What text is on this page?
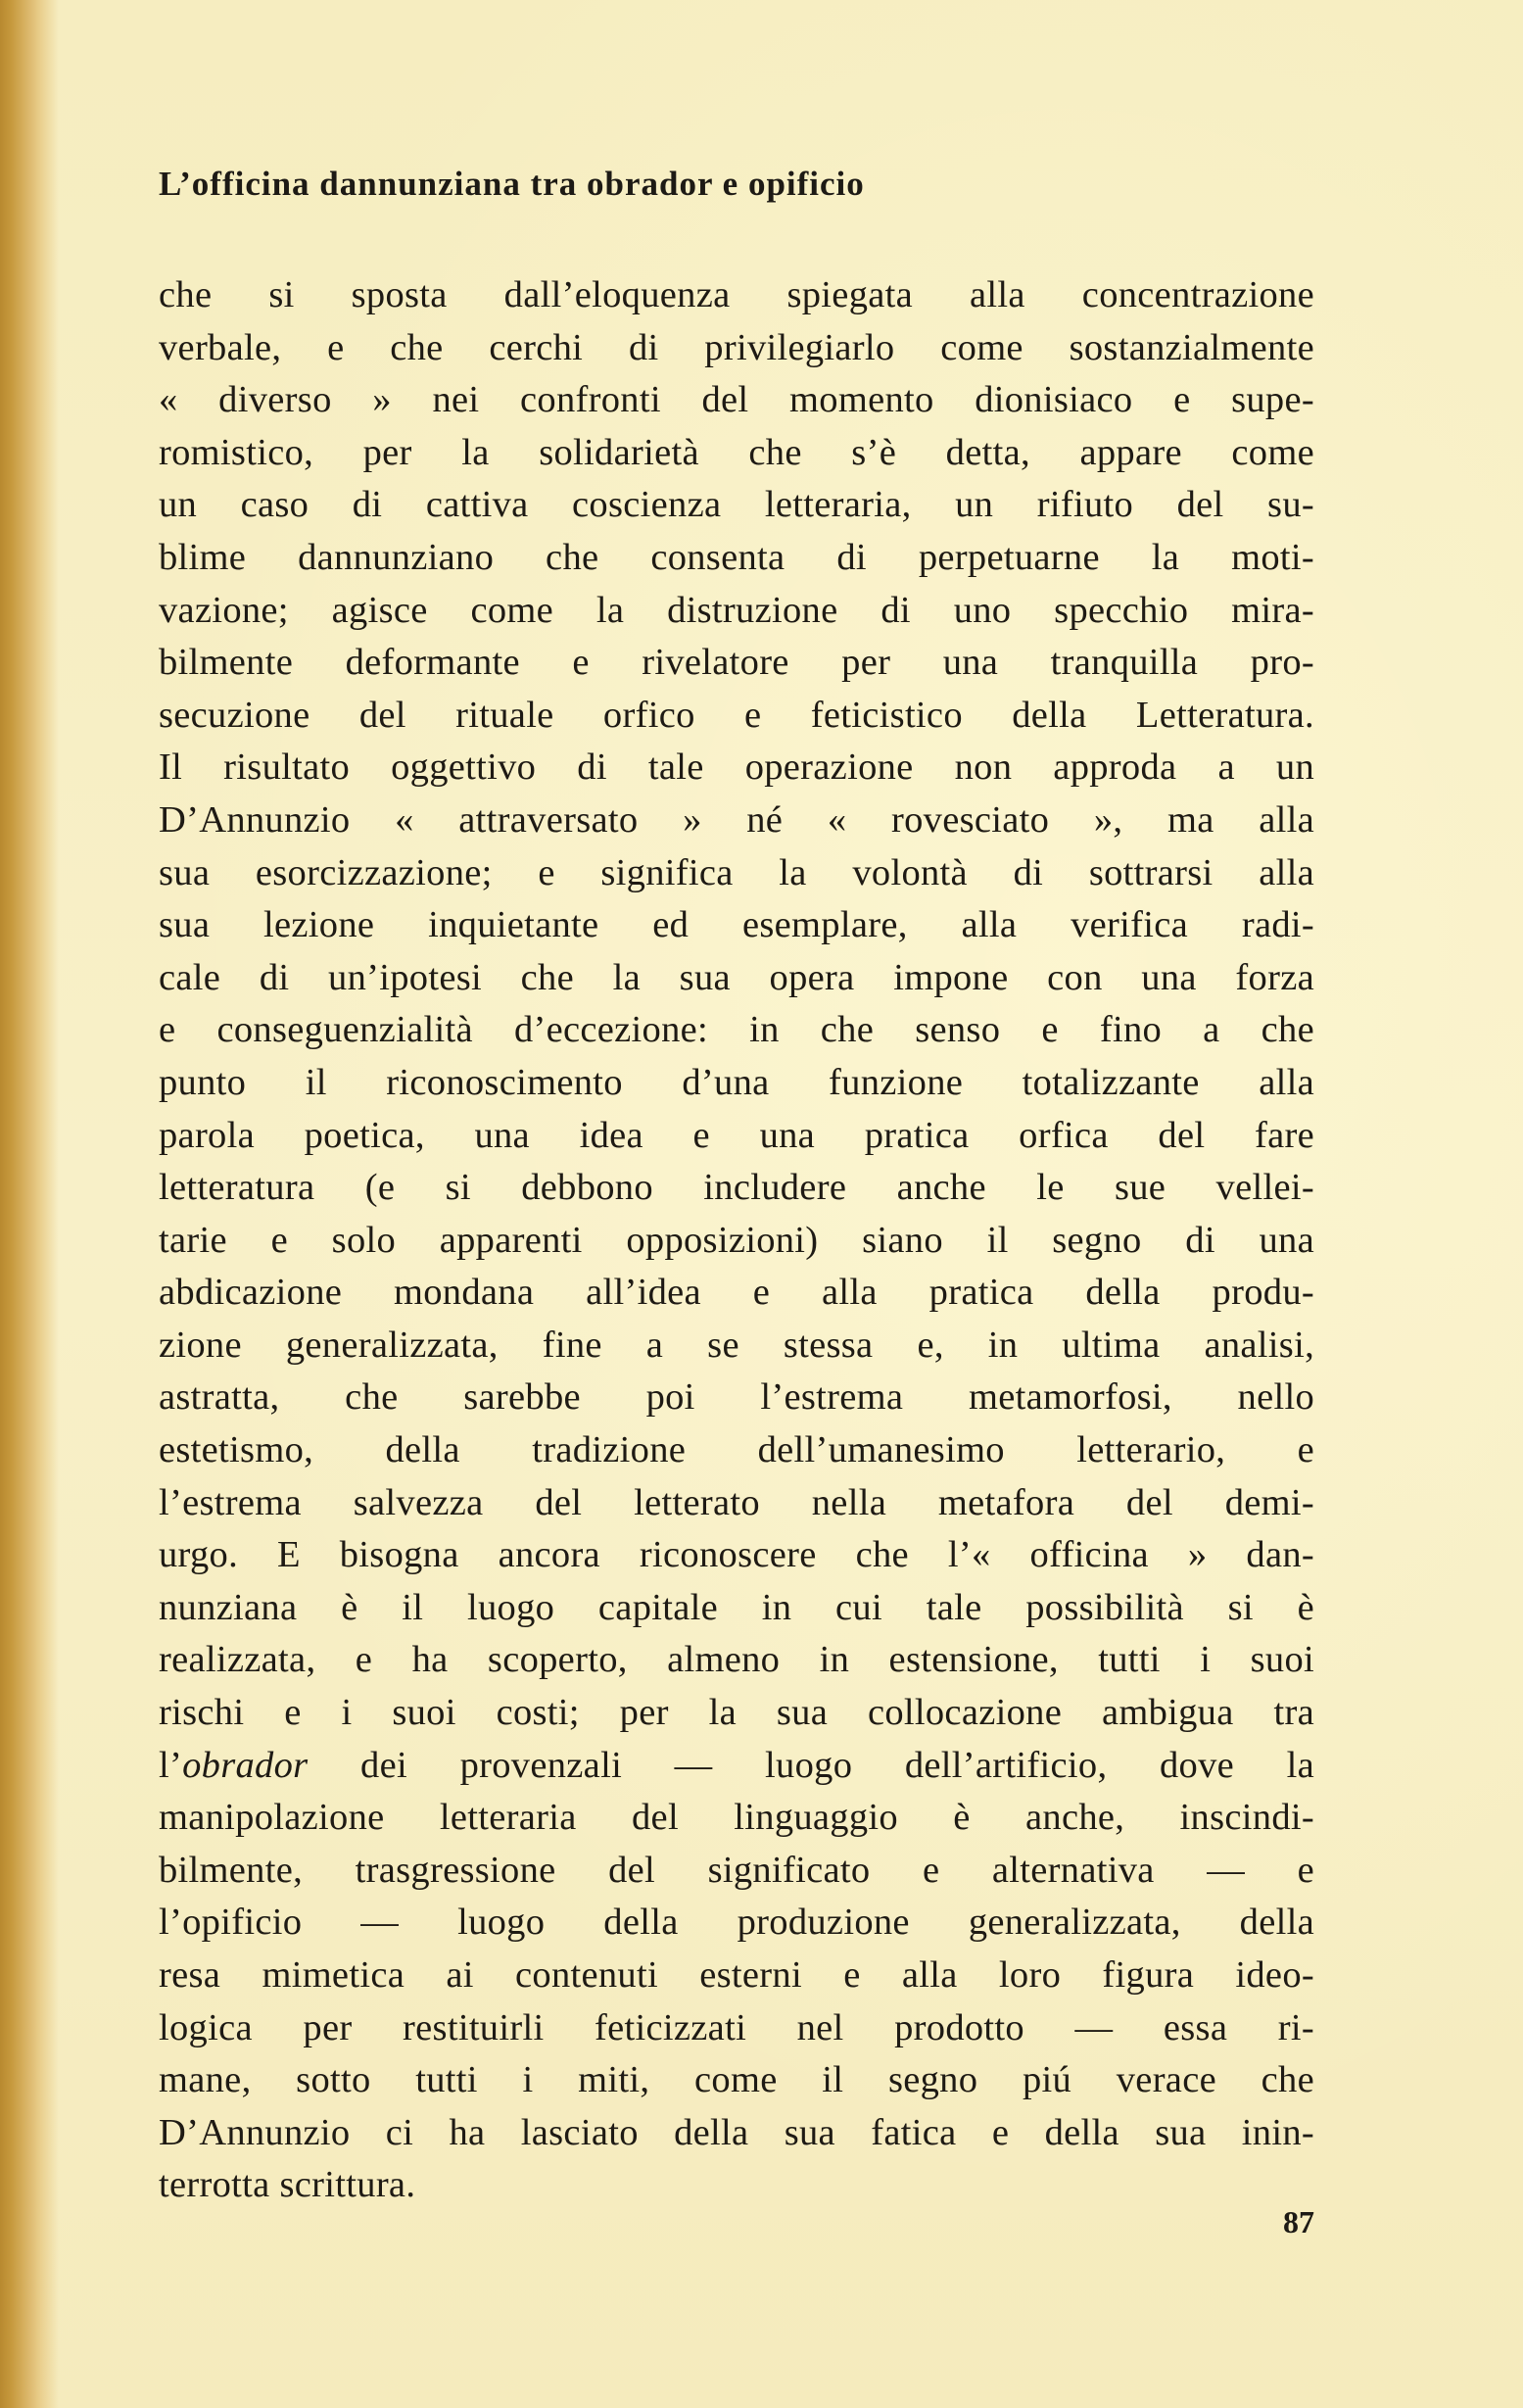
L’officina dannunziana tra obrador e opificio
che si sposta dall’eloquenza spiegata alla concentrazione
verbale, e che cerchi di privilegiarlo come sostanzialmente
« diverso » nei confronti del momento dionisiaco e supe-
romistico, per la solidarietà che s’è detta, appare come
un caso di cattiva coscienza letteraria, un rifiuto del su-
blime dannunziano che consenta di perpetuarne la moti-
vazione; agisce come la distruzione di uno specchio mira-
bilmente deformante e rivelatore per una tranquilla pro-
secuzione del rituale orfico e feticistico della Letteratura.
Il risultato oggettivo di tale operazione non approda a un
D’Annunzio « attraversato » né « rovesciato », ma alla
sua esorcizzazione; e significa la volontà di sottrarsi alla
sua lezione inquietante ed esemplare, alla verifica radi-
cale di un’ipotesi che la sua opera impone con una forza
e conseguenzialità d’eccezione: in che senso e fino a che
punto il riconoscimento d’una funzione totalizzante alla
parola poetica, una idea e una pratica orfica del fare
letteratura (e si debbono includere anche le sue vellei-
tarie e solo apparenti opposizioni) siano il segno di una
abdicazione mondana all’idea e alla pratica della produ-
zione generalizzata, fine a se stessa e, in ultima analisi,
astratta, che sarebbe poi l’estrema metamorfosi, nello
estetismo, della tradizione dell’umanesimo letterario, e
l’estrema salvezza del letterato nella metafora del demi-
urgo. E bisogna ancora riconoscere che l’« officina » dan-
nunziana è il luogo capitale in cui tale possibilità si è
realizzata, e ha scoperto, almeno in estensione, tutti i suoi
rischi e i suoi costi; per la sua collocazione ambigua tra
l’obrador dei provenzali — luogo dell’artificio, dove la
manipolazione letteraria del linguaggio è anche, inscindi-
bilmente, trasgressione del significato e alternativa — e
l’opificio — luogo della produzione generalizzata, della
resa mimetica ai contenuti esterni e alla loro figura ideo-
logica per restituirli feticizzati nel prodotto — essa ri-
mane, sotto tutti i miti, come il segno piú verace che
D’Annunzio ci ha lasciato della sua fatica e della sua inin-
terrotta scrittura.
87
